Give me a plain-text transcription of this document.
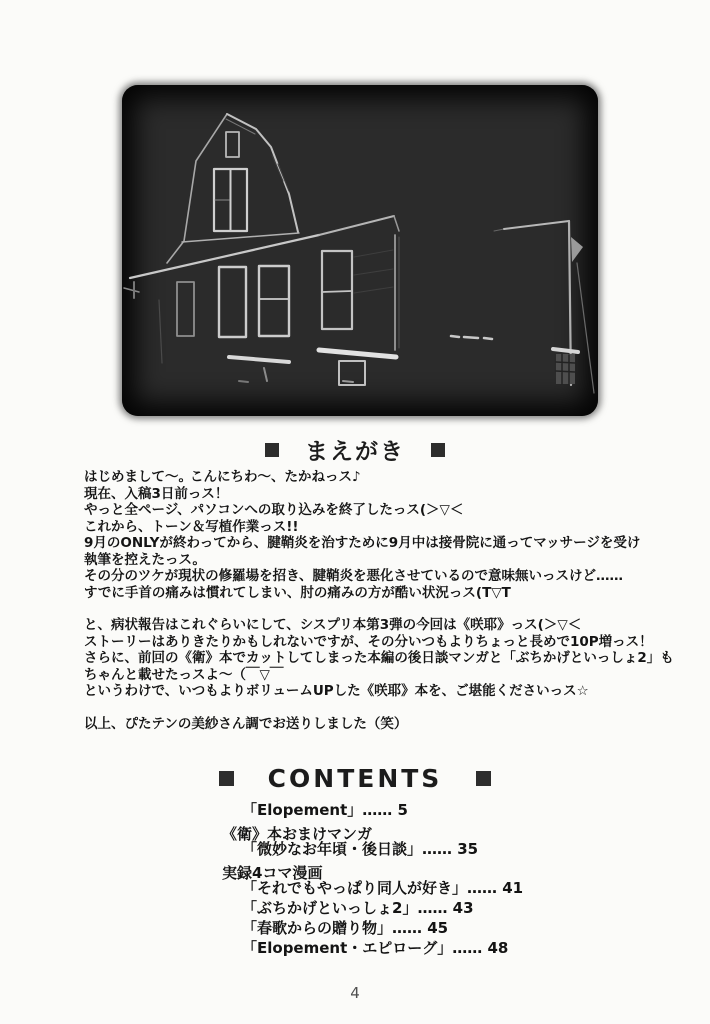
まえがき
はじめまして～｡ こんにちわ～、たかねっス♪
現在、入稿3日前っス！
やっと全ページ、パソコンへの取り込みを終了したっス(＞▽＜
これから、トーン＆写植作業っス!!
9月のONLYが終わってから、腱鞘炎を治すために9月中は接骨院に通ってマッサージを受け
執筆を控えたっス。
その分のツケが現状の修羅場を招き、腱鞘炎を悪化させているので意味無いっスけど……
すでに手首の痛みは慣れてしまい、肘の痛みの方が酷い状況っス(T▽T
と、病状報告はこれぐらいにして、シスプリ本第3弾の今回は《咲耶》っス(＞▽＜
ストーリーはありきたりかもしれないですが、その分いつもよりちょっと長めで10P増っス！
さらに、前回の《衛》本でカットしてしまった本編の後日談マンガと「ぶちかげといっしょ2」も
ちゃんと載せたっスよ～（￣▽￣
というわけで、いつもよりボリュームUPした《咲耶》本を、ご堪能くださいっス☆
以上、ぴたテンの美紗さん調でお送りしました（笑）
CONTENTS
「Elopement」…… 5
《衛》本おまけマンガ
「微妙なお年頃・後日談」…… 35
実録4コマ漫画
「それでもやっぱり同人が好き」…… 41
「ぶちかげといっしょ2」…… 43
「春歌からの贈り物」…… 45
「Elopement・エピローグ」…… 48
4
